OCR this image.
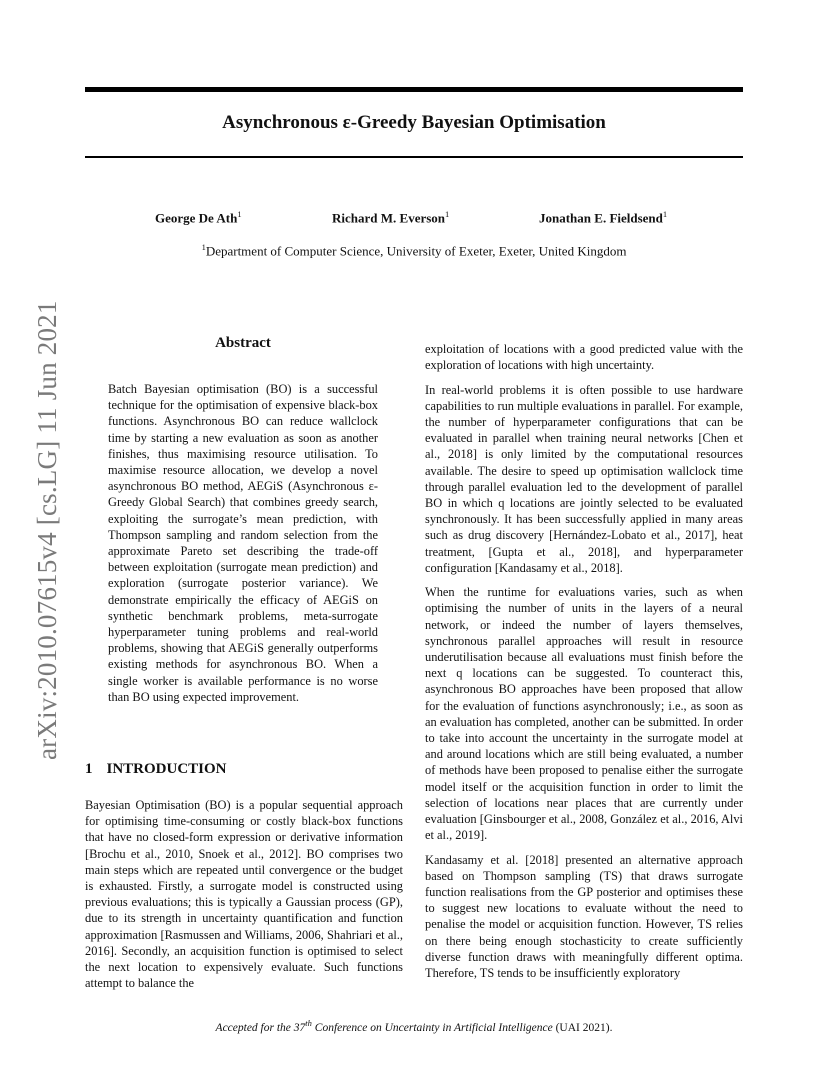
Asynchronous ε-Greedy Bayesian Optimisation
George De Ath$^1$	Richard M. Everson$^1$	Jonathan E. Fieldsend$^1$
$^1$Department of Computer Science, University of Exeter, Exeter, United Kingdom
arXiv:2010.07615v4 [cs.LG] 11 Jun 2021	Abstract

Batch Bayesian optimisation (BO) is a successful technique for the optimisation of expensive black-box functions. Asynchronous BO can reduce wallclock time by starting a new evaluation as soon as another finishes, thus maximising resource utilisation. To maximise resource allocation, we develop a novel asynchronous BO method, AEGiS (Asynchronous ε-Greedy Global Search) that combines greedy search, exploiting the surrogate’s mean prediction, with Thompson sampling and random selection from the approximate Pareto set describing the trade-off between exploitation (surrogate mean prediction) and exploration (surrogate posterior variance). We demonstrate empirically the efficacy of AEGiS on synthetic benchmark problems, meta-surrogate hyperparameter tuning problems and real-world problems, showing that AEGiS generally outperforms existing methods for asynchronous BO. When a single worker is available performance is no worse than BO using expected improvement.

1 INTRODUCTION

Bayesian Optimisation (BO) is a popular sequential approach for optimising time-consuming or costly black-box functions that have no closed-form expression or derivative information [Brochu et al., 2010, Snoek et al., 2012]. BO comprises two main steps which are repeated until convergence or the budget is exhausted. Firstly, a surrogate model is constructed using previous evaluations; this is typically a Gaussian process (GP), due to its strength in uncertainty quantification and function approximation [Rasmussen and Williams, 2006, Shahriari et al., 2016]. Secondly, an acquisition function is optimised to select the next location to expensively evaluate. Such functions attempt to balance the

exploitation of locations with a good predicted value with the exploration of locations with high uncertainty.

In real-world problems it is often possible to use hardware capabilities to run multiple evaluations in parallel. For example, the number of hyperparameter configurations that can be evaluated in parallel when training neural networks [Chen et al., 2018] is only limited by the computational resources available. The desire to speed up optimisation wallclock time through parallel evaluation led to the development of parallel BO in which q locations are jointly selected to be evaluated synchronously. It has been successfully applied in many areas such as drug discovery [Hernández-Lobato et al., 2017], heat treatment, [Gupta et al., 2018], and hyperparameter configuration [Kandasamy et al., 2018].

When the runtime for evaluations varies, such as when optimising the number of units in the layers of a neural network, or indeed the number of layers themselves, synchronous parallel approaches will result in resource underutilisation because all evaluations must finish before the next q locations can be suggested. To counteract this, asynchronous BO approaches have been proposed that allow for the evaluation of functions asynchronously; i.e., as soon as an evaluation has completed, another can be submitted. In order to take into account the uncertainty in the surrogate model at and around locations which are still being evaluated, a number of methods have been proposed to penalise either the surrogate model itself or the acquisition function in order to limit the selection of locations near places that are currently under evaluation [Ginsbourger et al., 2008, González et al., 2016, Alvi et al., 2019].

Kandasamy et al. [2018] presented an alternative approach based on Thompson sampling (TS) that draws surrogate function realisations from the GP posterior and optimises these to suggest new locations to evaluate without the need to penalise the model or acquisition function. However, TS relies on there being enough stochasticity to create sufficiently diverse function draws with meaningfully different optima. Therefore, TS tends to be insufficiently exploratory

Accepted for the 37th Conference on Uncertainty in Artificial Intelligence (UAI 2021).
